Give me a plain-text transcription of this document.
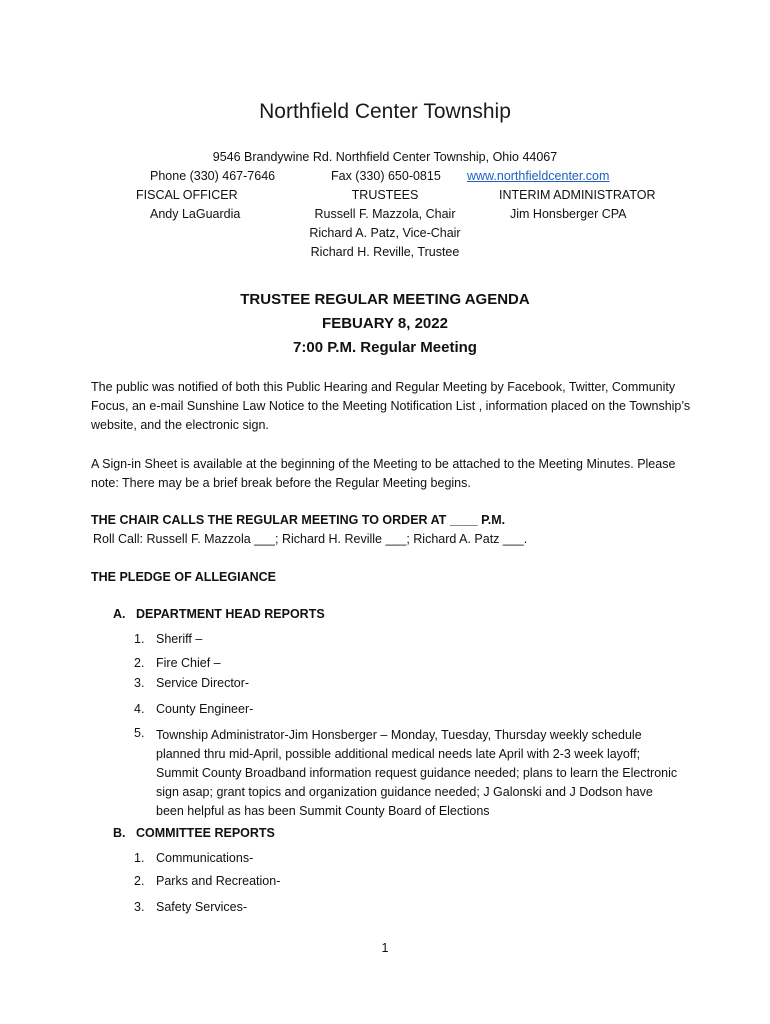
Northfield Center Township
9546 Brandywine Rd. Northfield Center Township, Ohio 44067
Phone (330) 467-7646	Fax (330) 650-0815 www.northfieldcenter.com
FISCAL OFFICER
Andy LaGuardia
TRUSTEES
Russell F. Mazzola, Chair
Richard A. Patz, Vice-Chair
Richard H. Reville, Trustee
INTERIM ADMINISTRATOR
Jim Honsberger CPA
TRUSTEE REGULAR MEETING AGENDA
FEBUARY 8, 2022
7:00 P.M. Regular Meeting
The public was notified of both this Public Hearing and Regular Meeting by Facebook, Twitter, Community Focus, an e-mail Sunshine Law Notice to the Meeting Notification List , information placed on the Township’s website, and the electronic sign.
A Sign-in Sheet is available at the beginning of the Meeting to be attached to the Meeting Minutes. Please note: There may be a brief break before the Regular Meeting begins.
THE CHAIR CALLS THE REGULAR MEETING TO ORDER AT ____ P.M.
Roll Call: Russell F. Mazzola ___; Richard H. Reville ___; Richard A. Patz ___.
THE PLEDGE OF ALLEGIANCE
A. DEPARTMENT HEAD REPORTS
1. Sheriff –
2. Fire Chief –
3. Service Director-
4. County Engineer-
5. Township Administrator-Jim Honsberger – Monday, Tuesday, Thursday weekly schedule planned thru mid-April, possible additional medical needs late April with 2-3 week layoff; Summit County Broadband information request guidance needed; plans to learn the Electronic sign asap; grant topics and organization guidance needed; J Galonski and J Dodson have been helpful as has been Summit County Board of Elections
B. COMMITTEE REPORTS
1. Communications-
2. Parks and Recreation-
3. Safety Services-
1
